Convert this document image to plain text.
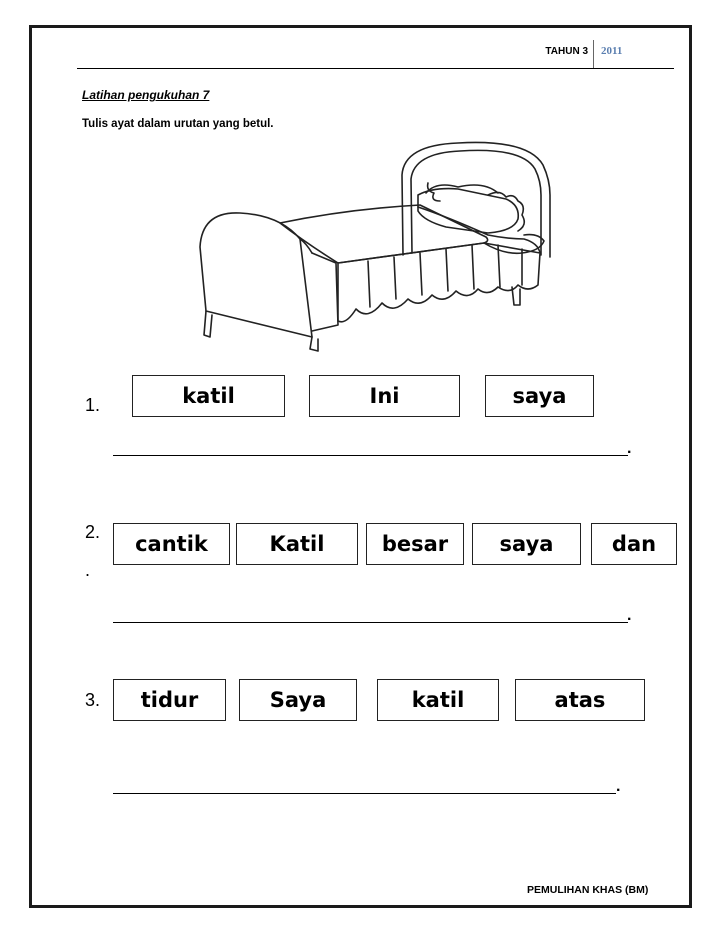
TAHUN 3 2011
Latihan pengukuhan 7
Tulis ayat dalam urutan yang betul.
1.	katil	Ini	saya
.
2.
.
cantik	Katil	besar	saya	dan
.
3.	tidur	Saya	katil	atas
.
PEMULIHAN KHAS (BM)
